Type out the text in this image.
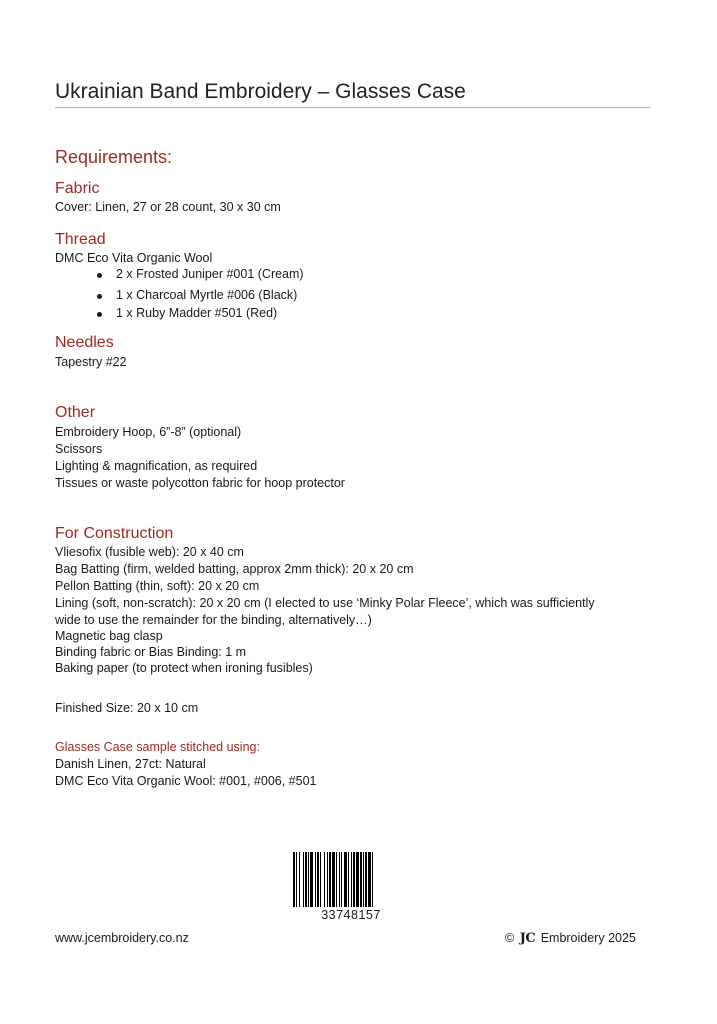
Ukrainian Band Embroidery – Glasses Case
Requirements:
Fabric
Cover: Linen, 27 or 28 count, 30 x 30 cm
Thread
DMC Eco Vita Organic Wool
2 x Frosted Juniper #001 (Cream)
1 x Charcoal Myrtle #006 (Black)
1 x Ruby Madder #501 (Red)
Needles
Tapestry #22
Other
Embroidery Hoop, 6”-8” (optional)
Scissors
Lighting & magnification, as required
Tissues or waste polycotton fabric for hoop protector
For Construction
Vliesofix (fusible web): 20 x 40 cm
Bag Batting (firm, welded batting, approx 2mm thick): 20 x 20 cm
Pellon Batting (thin, soft): 20 x 20 cm
Lining (soft, non-scratch): 20 x 20 cm (I elected to use ‘Minky Polar Fleece’, which was sufficiently
wide to use the remainder for the binding, alternatively…)
Magnetic bag clasp
Binding fabric or Bias Binding: 1 m
Baking paper (to protect when ironing fusibles)
Finished Size: 20 x 10 cm
Glasses Case sample stitched using:
Danish Linen, 27ct: Natural
DMC Eco Vita Organic Wool: #001, #006, #501
33748157
www.jcembroidery.co.nz	© JC Embroidery 2025
